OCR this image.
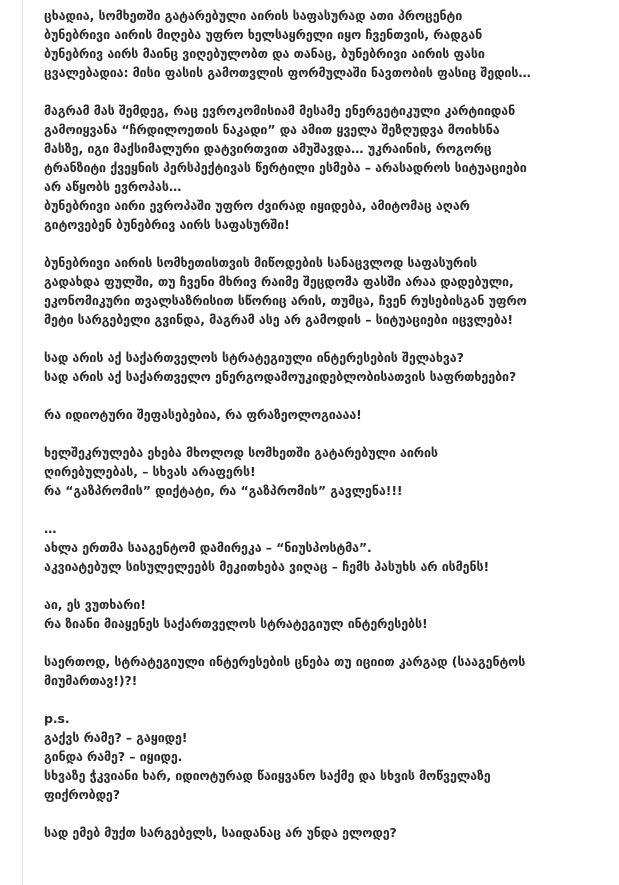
ცხადია, სომხეთში გატარებული აირის საფასურად ათი პროცენტი
ბუნებრივი აირის მიღება უფრო ხელსაყრელი იყო ჩვენთვის, რადგან
ბუნებრივ აირს მაინც ვიღებულობთ და თანაც, ბუნებრივი აირის ფასი
ცვალებადია: მისი ფასის გამოთვლის ფორმულაში ნავთობის ფასიც შედის…

მაგრამ მას შემდეგ, რაც ევროკომისიამ მესამე ენერგეტიკული კარტიიდან
გამოიყვანა “ჩრდილოეთის ნაკადი” და ამით ყველა შეზღუდვა მოიხსნა
მასზე, იგი მაქსიმალური დატვირთვით ამუშავდა… უკრაინის, როგორც
ტრანზიტი ქვეყნის პერსპექტივას წერტილი ესმება – არასადროს სიტუაციები
არ აწყობს ევროპას…
ბუნებრივი აირი ევროპაში უფრო ძვირად იყიდება, ამიტომაც აღარ
გიტოვებენ ბუნებრივ აირს საფასურში!

ბუნებრივი აირის სომხეთისთვის მიწოდების სანაცვლოდ საფასურის
გადახდა ფულში, თუ ჩვენი მხრივ რაიმე შეცდომა ფასში არაა დადებული,
ეკონომიკური თვალსაზრისით სწორიც არის, თუმცა, ჩვენ რუსებისგან უფრო
მეტი სარგებელი გვინდა, მაგრამ ასე არ გამოდის – სიტუაციები იცვლება!

სად არის აქ საქართველოს სტრატეგიული ინტერესების შელახვა?
სად არის აქ საქართველო ენერგოდამოუკიდებლობისათვის საფრთხეები?

რა იდიოტური შეფასებებია, რა ფრაზეოლოგიააა!

ხელშეკრულება ეხება მხოლოდ სომხეთში გატარებული აირის
ღირებულებას, – სხვას არაფერს!
რა “გაზპრომის” დიქტატი, რა “გაზპრომის” გავლენა!!!

…
ახლა ერთმა სააგენტომ დამირეკა – “ნიუსპოსტმა”.
აკვიატებულ სისულელეებს მეკითხება ვიღაც – ჩემს პასუხს არ ისმენს!

აი, ეს ვუთხარი!
რა ზიანი მიაყენეს საქართველოს სტრატეგიულ ინტერესებს!

საერთოდ, სტრატეგიული ინტერესების ცნება თუ იციით კარგად (სააგენტოს
მიუმართავ!)?!

p.s.
გაქვს რამე? – გაყიდე!
გინდა რამე? – იყიდე.
სხვაზე ჭკვიანი ხარ, იდიოტურად წაიყვანო საქმე და სხვის მოწველაზე
ფიქრობდე?

სად ემებ მუქთ სარგებელს, საიდანაც არ უნდა ელოდე?
